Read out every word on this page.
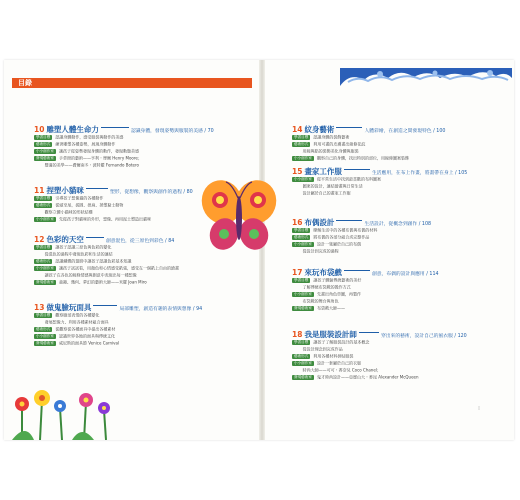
目錄
▯
10 雕塑人體生命力	認識身體，發現姿勢與服裝的美感 / 70
學習目標 認識身體動作，感受服裝與動作的美感
藝術形式 練習雕塑各種姿勢，展現身體動作
小小創作家 讓孩子從姿勢發現身體的動作，發現動態美感
發現藝術家 手拿照的藝術——亨利・摩爾 Henry Moore；
豐滿的美學——費爾南多・波特羅 Fernando Botero
11 捏塑小貓咪	塑形，從想像，觀察與創作的過程 / 80
學習目標 引導孩子想像貓的各種動作
藝術形式 從頭至尾，搓圓、捏扁、揉塑黏土動物
觀察立體小貓咪的形狀結構
小小創作家 先從孩子對貓咪的外形，想像、再用泥土塑造出貓咪
12 色彩的天空	創意混色，從三原色到彩色 / 84
學習目標 讓孩子認識三原色與色彩的變化
從混色的過程中發現色彩和生活的連結
藝術形式 認識蝴蝶的翅膀中讓孩子認識色彩基本知識
小小創作家 讓孩子試試看，用顏色和心情感受紙張，感受在一個紙上自由的繪畫
讓孩子在各色的線條情感與創意中表現出每一種想像
發現藝術家 童趣、幾何、夢幻的藝術大師——米羅 Joan Miro
13 做鬼臉玩面具	局部雕塑，創造有趣的表情與想像 / 94
學習目標 觀察臉部表情的各種變化
發展想像力、利用各種素材組合面具
藝術形式 從觀察從各種面具中提出各種素材
小小創作家 認識世界各地的面具與傳統文化
發現藝術家 威尼斯的面具節 Venice Carnival
14 紋身藝術	人體彩繪，在創造之間發現特色 / 100
學習目標 認識身體的裝飾藝術
藝術形式 利用可畫的皮膚畫出線條花紋
用線與點的裝飾美化身體與服裝
小小創作家 觀察自己的身體，找出特別的部位，用線條圖案裝飾
15 畫家工作服	生活應用，在布上作畫，將畫帶在身上 / 105
小小創作家 從平常生活中找到最喜歡的布料圖案
圖案的設計，連結繪畫與日常生活
設計屬於自己的畫家工作服
16 布偶設計	生活設計，從概念到創作 / 108
學習目標 瞭解生活中的各種布偶與布偶的材料
藝術形式 將布偶的各部分組合成完整作品
小小創作家 設計一隻屬於自己的布偶
從設計到完成的過程
17 來玩布袋戲	創意，布偶的設計與應用 / 114
學習目標 讓孩子體驗傳統藝術的美好
了解傳統布袋戲的操作方式
小小創作家 先畫出角色草圖，再製作
布袋戲的舞台與角色
發現藝術家 布袋戲大師——
18 我是服裝設計師	穿出來的藝術，設計自己的風衣服 / 120
學習目標 讓孩子了解服裝設計的基本概念
從設計理念到完成作品
藝術形式 利用各種材料拼貼服裝
小小創作家 設計一套屬於自己的衣服
時尚大師——可可・香奈兒 Coco Chanel；
發現藝術家 鬼才時尚設計——亞歷山大・麥昆 Alexander McQueen
